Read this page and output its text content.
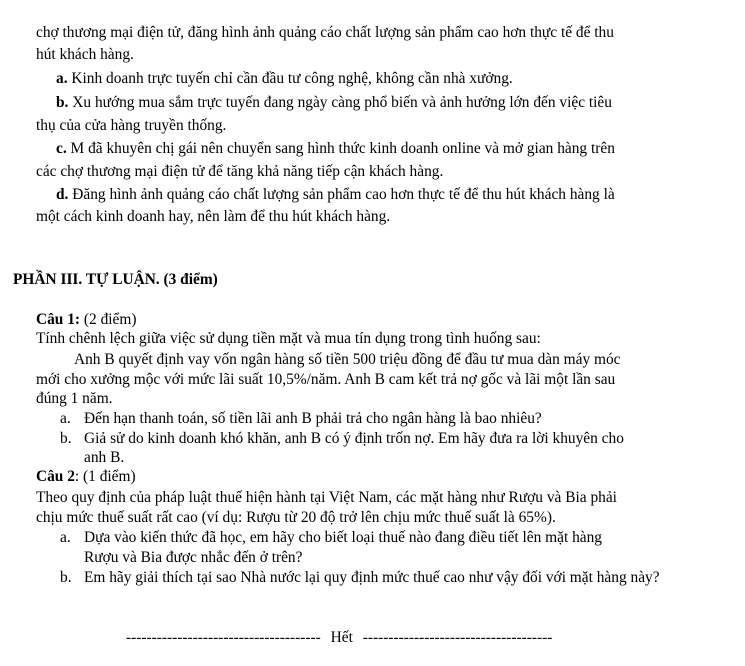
chợ thương mại điện tử, đăng hình ảnh quảng cáo chất lượng sản phẩm cao hơn thực tế để thu
hút khách hàng.
a. Kinh doanh trực tuyến chỉ cần đầu tư công nghệ, không cần nhà xưởng.
b. Xu hướng mua sắm trực tuyến đang ngày càng phổ biến và ảnh hưởng lớn đến việc tiêu
thụ của cửa hàng truyền thống.
c. M đã khuyên chị gái nên chuyển sang hình thức kinh doanh online và mở gian hàng trên
các chợ thương mại điện tử để tăng khả năng tiếp cận khách hàng.
d. Đăng hình ảnh quảng cáo chất lượng sản phẩm cao hơn thực tế để thu hút khách hàng là
một cách kinh doanh hay, nên làm để thu hút khách hàng.
PHẦN III. TỰ LUẬN. (3 điểm)
Câu 1: (2 điểm)
Tính chênh lệch giữa việc sử dụng tiền mặt và mua tín dụng trong tình huống sau:
Anh B quyết định vay vốn ngân hàng số tiền 500 triệu đồng để đầu tư mua dàn máy móc
mới cho xưởng mộc với mức lãi suất 10,5%/năm. Anh B cam kết trả nợ gốc và lãi một lần sau
đúng 1 năm.
a. Đến hạn thanh toán, số tiền lãi anh B phải trả cho ngân hàng là bao nhiêu?
b. Giả sử do kinh doanh khó khăn, anh B có ý định trốn nợ. Em hãy đưa ra lời khuyên cho
anh B.
Câu 2: (1 điểm)
Theo quy định của pháp luật thuế hiện hành tại Việt Nam, các mặt hàng như Rượu và Bia phải
chịu mức thuế suất rất cao (ví dụ: Rượu từ 20 độ trở lên chịu mức thuế suất là 65%).
a. Dựa vào kiến thức đã học, em hãy cho biết loại thuế nào đang điều tiết lên mặt hàng
Rượu và Bia được nhắc đến ở trên?
b. Em hãy giải thích tại sao Nhà nước lại quy định mức thuế cao như vậy đối với mặt hàng này?
-------------------------------------- Hết -------------------------------------
